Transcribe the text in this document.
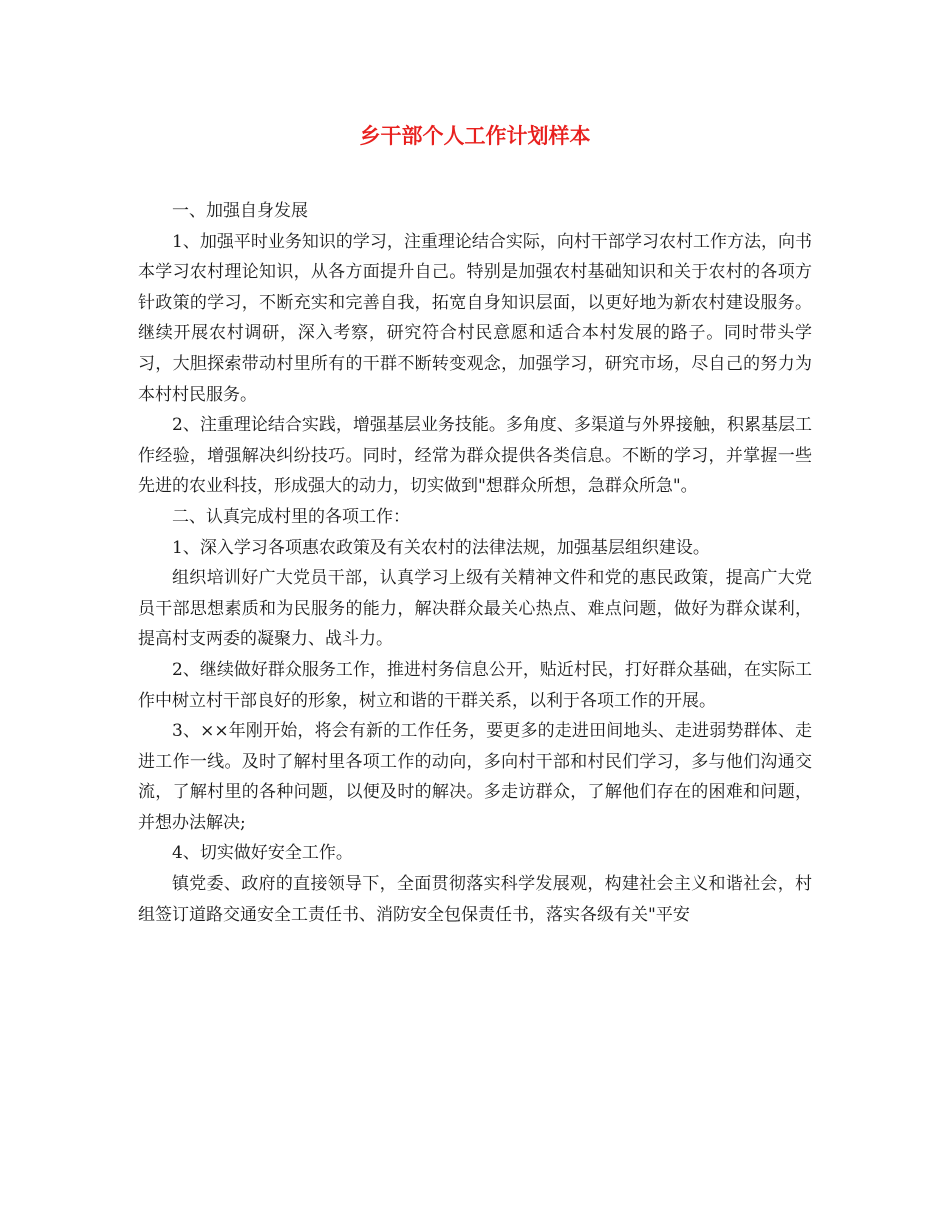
乡干部个人工作计划样本

一、加强自身发展

1、加强平时业务知识的学习，注重理论结合实际，向村干部学习农村工作方法，向书本学习农村理论知识，从各方面提升自己。特别是加强农村基础知识和关于农村的各项方针政策的学习，不断充实和完善自我，拓宽自身知识层面，以更好地为新农村建设服务。继续开展农村调研，深入考察，研究符合村民意愿和适合本村发展的路子。同时带头学习，大胆探索带动村里所有的干群不断转变观念，加强学习，研究市场，尽自己的努力为本村村民服务。

2、注重理论结合实践，增强基层业务技能。多角度、多渠道与外界接触，积累基层工作经验，增强解决纠纷技巧。同时，经常为群众提供各类信息。不断的学习，并掌握一些先进的农业科技，形成强大的动力，切实做到"想群众所想，急群众所急"。

二、认真完成村里的各项工作：

1、深入学习各项惠农政策及有关农村的法律法规，加强基层组织建设。

组织培训好广大党员干部，认真学习上级有关精神文件和党的惠民政策，提高广大党员干部思想素质和为民服务的能力，解决群众最关心热点、难点问题，做好为群众谋利，提高村支两委的凝聚力、战斗力。

2、继续做好群众服务工作，推进村务信息公开，贴近村民，打好群众基础，在实际工作中树立村干部良好的形象，树立和谐的干群关系，以利于各项工作的开展。

3、××年刚开始，将会有新的工作任务，要更多的走进田间地头、走进弱势群体、走进工作一线。及时了解村里各项工作的动向，多向村干部和村民们学习，多与他们沟通交流，了解村里的各种问题，以便及时的解决。多走访群众，了解他们存在的困难和问题，并想办法解决;

4、切实做好安全工作。

镇党委、政府的直接领导下，全面贯彻落实科学发展观，构建社会主义和谐社会，村组签订道路交通安全工责任书、消防安全包保责任书，落实各级有关"平安
